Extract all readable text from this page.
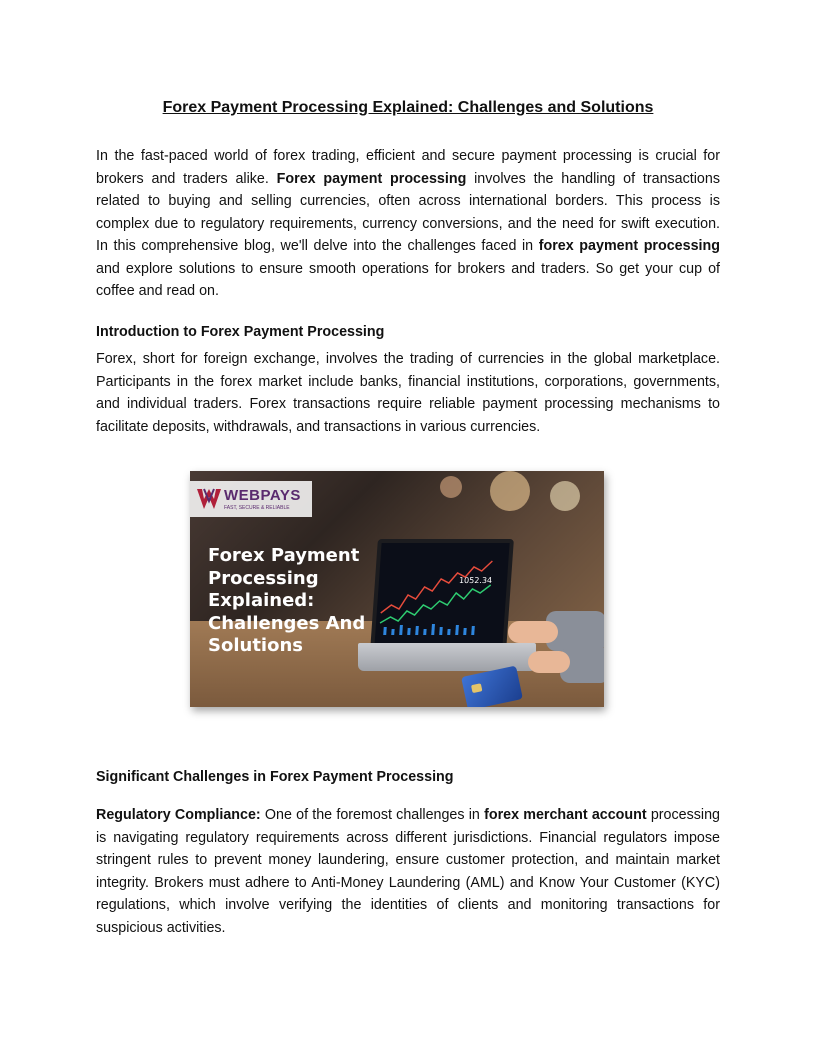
Forex Payment Processing Explained: Challenges and Solutions

In the fast-paced world of forex trading, efficient and secure payment processing is crucial for brokers and traders alike. Forex payment processing involves the handling of transactions related to buying and selling currencies, often across international borders. This process is complex due to regulatory requirements, currency conversions, and the need for swift execution. In this comprehensive blog, we'll delve into the challenges faced in forex payment processing and explore solutions to ensure smooth operations for brokers and traders. So get your cup of coffee and read on.

Introduction to Forex Payment Processing

Forex, short for foreign exchange, involves the trading of currencies in the global marketplace. Participants in the forex market include banks, financial institutions, corporations, governments, and individual traders. Forex transactions require reliable payment processing mechanisms to facilitate deposits, withdrawals, and transactions in various currencies.

WEBPAYS
FAST, SECURE & RELIABLE
Forex Payment
Processing
Explained:
Challenges And
Solutions
1052.34
Significant Challenges in Forex Payment Processing

Regulatory Compliance: One of the foremost challenges in forex merchant account processing is navigating regulatory requirements across different jurisdictions. Financial regulators impose stringent rules to prevent money laundering, ensure customer protection, and maintain market integrity. Brokers must adhere to Anti-Money Laundering (AML) and Know Your Customer (KYC) regulations, which involve verifying the identities of clients and monitoring transactions for suspicious activities.
